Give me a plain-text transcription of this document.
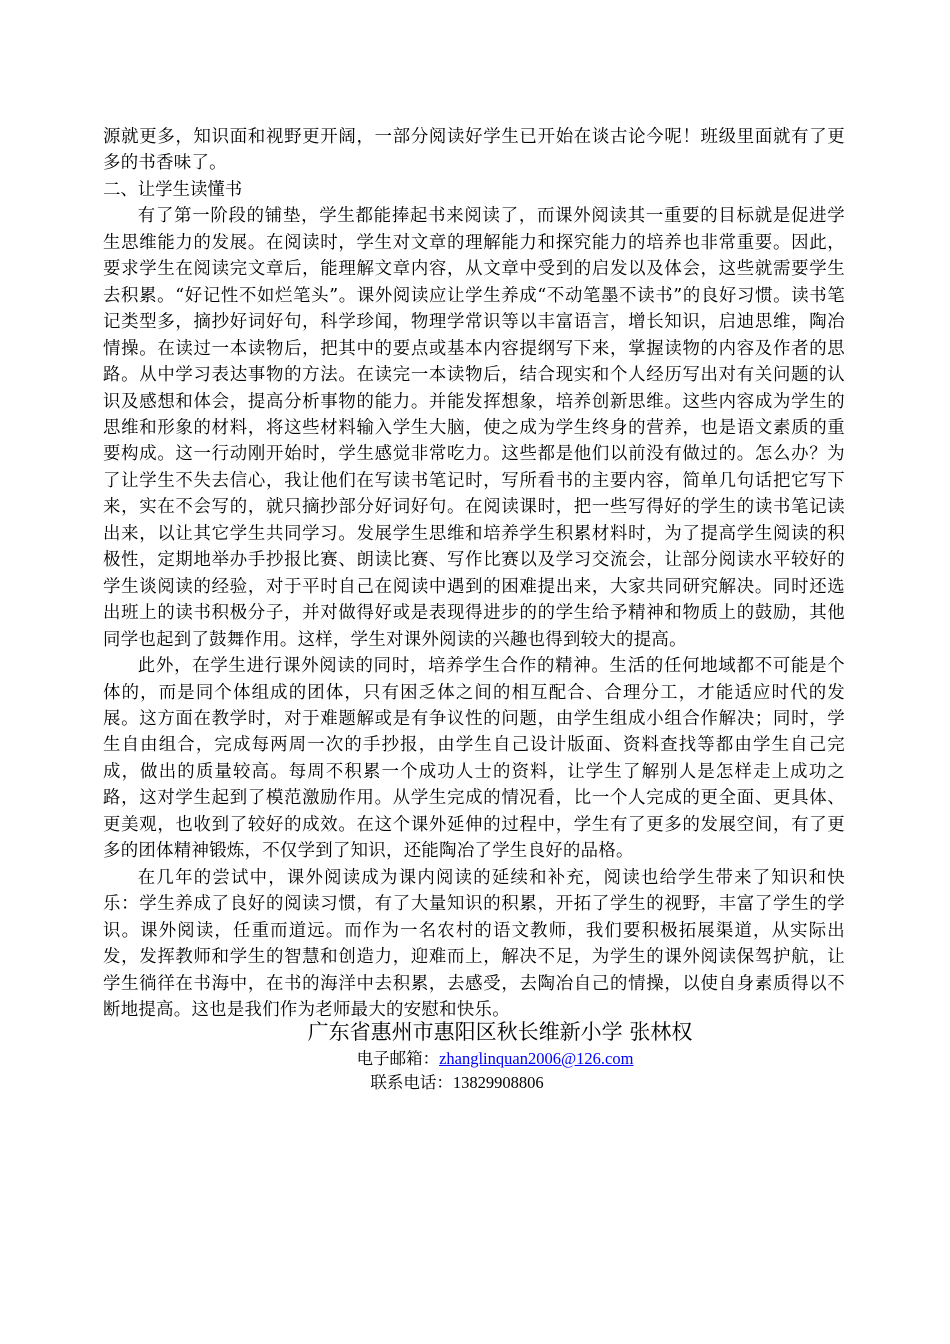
源就更多，知识面和视野更开阔，一部分阅读好学生已开始在谈古论今呢！班级里面就有了更多的书香味了。

二、让学生读懂书

有了第一阶段的铺垫，学生都能捧起书来阅读了，而课外阅读其一重要的目标就是促进学生思维能力的发展。在阅读时，学生对文章的理解能力和探究能力的培养也非常重要。因此，要求学生在阅读完文章后，能理解文章内容，从文章中受到的启发以及体会，这些就需要学生去积累。“好记性不如烂笔头”。课外阅读应让学生养成“不动笔墨不读书”的良好习惯。读书笔记类型多，摘抄好词好句，科学珍闻，物理学常识等以丰富语言，增长知识，启迪思维，陶冶情操。在读过一本读物后，把其中的要点或基本内容提纲写下来，掌握读物的内容及作者的思路。从中学习表达事物的方法。在读完一本读物后，结合现实和个人经历写出对有关问题的认识及感想和体会，提高分析事物的能力。并能发挥想象，培养创新思维。这些内容成为学生的思维和形象的材料，将这些材料输入学生大脑，使之成为学生终身的营养，也是语文素质的重要构成。这一行动刚开始时，学生感觉非常吃力。这些都是他们以前没有做过的。怎么办？为了让学生不失去信心，我让他们在写读书笔记时，写所看书的主要内容，简单几句话把它写下来，实在不会写的，就只摘抄部分好词好句。在阅读课时，把一些写得好的学生的读书笔记读出来，以让其它学生共同学习。发展学生思维和培养学生积累材料时，为了提高学生阅读的积极性，定期地举办手抄报比赛、朗读比赛、写作比赛以及学习交流会，让部分阅读水平较好的学生谈阅读的经验，对于平时自己在阅读中遇到的困难提出来，大家共同研究解决。同时还选出班上的读书积极分子，并对做得好或是表现得进步的的学生给予精神和物质上的鼓励，其他同学也起到了鼓舞作用。这样，学生对课外阅读的兴趣也得到较大的提高。

此外，在学生进行课外阅读的同时，培养学生合作的精神。生活的任何地域都不可能是个体的，而是同个体组成的团体，只有困乏体之间的相互配合、合理分工，才能适应时代的发展。这方面在教学时，对于难题解或是有争议性的问题，由学生组成小组合作解决；同时，学生自由组合，完成每两周一次的手抄报，由学生自己设计版面、资料查找等都由学生自己完成，做出的质量较高。每周不积累一个成功人士的资料，让学生了解别人是怎样走上成功之路，这对学生起到了模范激励作用。从学生完成的情况看，比一个人完成的更全面、更具体、更美观，也收到了较好的成效。在这个课外延伸的过程中，学生有了更多的发展空间，有了更多的团体精神锻炼，不仅学到了知识，还能陶冶了学生良好的品格。

在几年的尝试中，课外阅读成为课内阅读的延续和补充，阅读也给学生带来了知识和快乐：学生养成了良好的阅读习惯，有了大量知识的积累，开拓了学生的视野，丰富了学生的学识。课外阅读，任重而道远。而作为一名农村的语文教师，我们要积极拓展渠道，从实际出发，发挥教师和学生的智慧和创造力，迎难而上，解决不足，为学生的课外阅读保驾护航，让学生徜徉在书海中，在书的海洋中去积累，去感受，去陶冶自己的情操，以使自身素质得以不断地提高。这也是我们作为老师最大的安慰和快乐。

广东省惠州市惠阳区秋长维新小学 张林权
电子邮箱：zhanglinquan2006@126.com
联系电话：13829908806
